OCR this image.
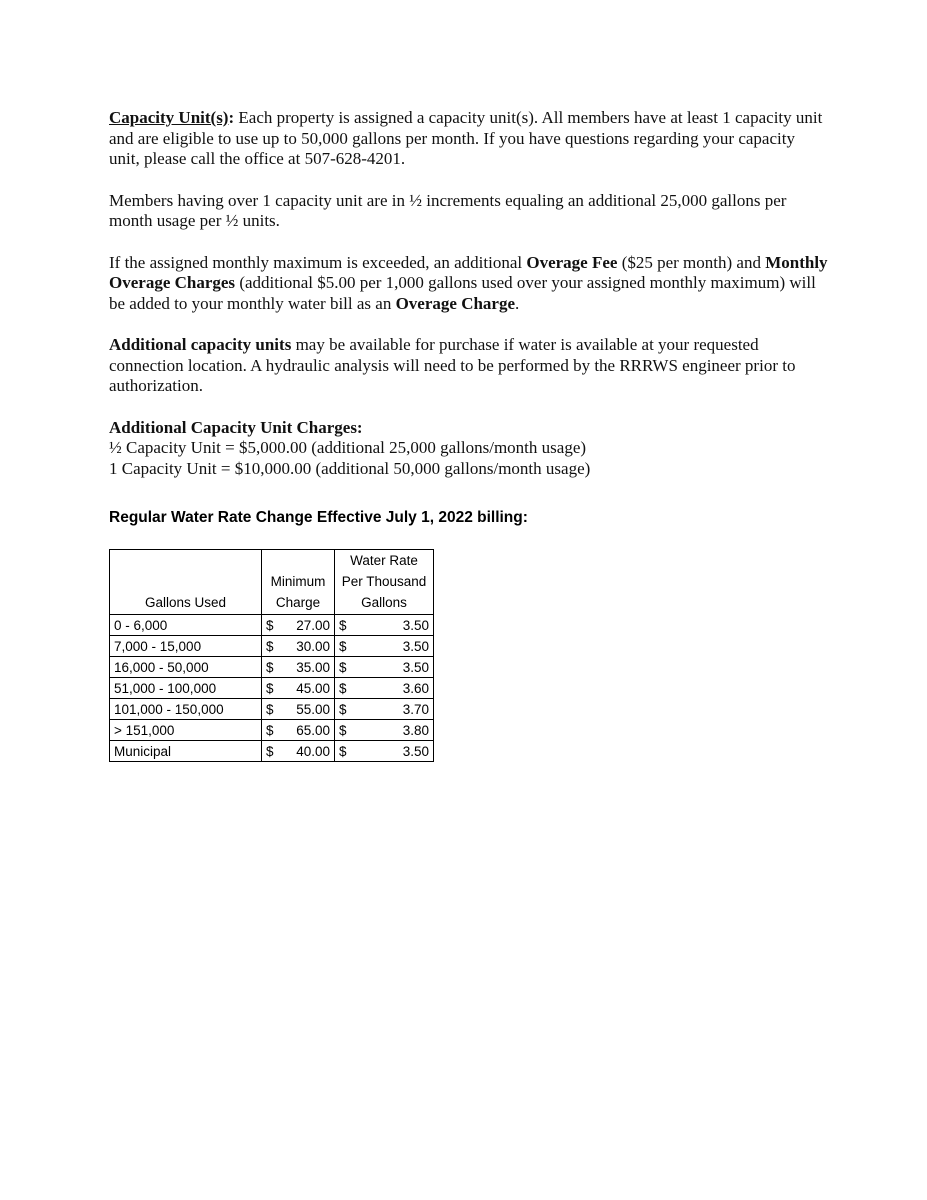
Capacity Unit(s): Each property is assigned a capacity unit(s). All members have at least 1 capacity unit and are eligible to use up to 50,000 gallons per month. If you have questions regarding your capacity unit, please call the office at 507-628-4201.

Members having over 1 capacity unit are in ½ increments equaling an additional 25,000 gallons per month usage per ½ units.

If the assigned monthly maximum is exceeded, an additional Overage Fee ($25 per month) and Monthly Overage Charges (additional $5.00 per 1,000 gallons used over your assigned monthly maximum) will be added to your monthly water bill as an Overage Charge.

Additional capacity units may be available for purchase if water is available at your requested connection location. A hydraulic analysis will need to be performed by the RRRWS engineer prior to authorization.

Additional Capacity Unit Charges:

½ Capacity Unit = $5,000.00 (additional 25,000 gallons/month usage)

1 Capacity Unit = $10,000.00 (additional 50,000 gallons/month usage)

Regular Water Rate Change Effective July 1, 2022 billing:
Gallons Used	Minimum Charge	Water Rate Per Thousand Gallons
0 - 6,000	$ 27.00	$ 3.50
7,000 - 15,000	$ 30.00	$ 3.50
16,000 - 50,000	$ 35.00	$ 3.50
51,000 - 100,000	$ 45.00	$ 3.60
101,000 - 150,000	$ 55.00	$ 3.70
> 151,000	$ 65.00	$ 3.80
Municipal	$ 40.00	$ 3.50
